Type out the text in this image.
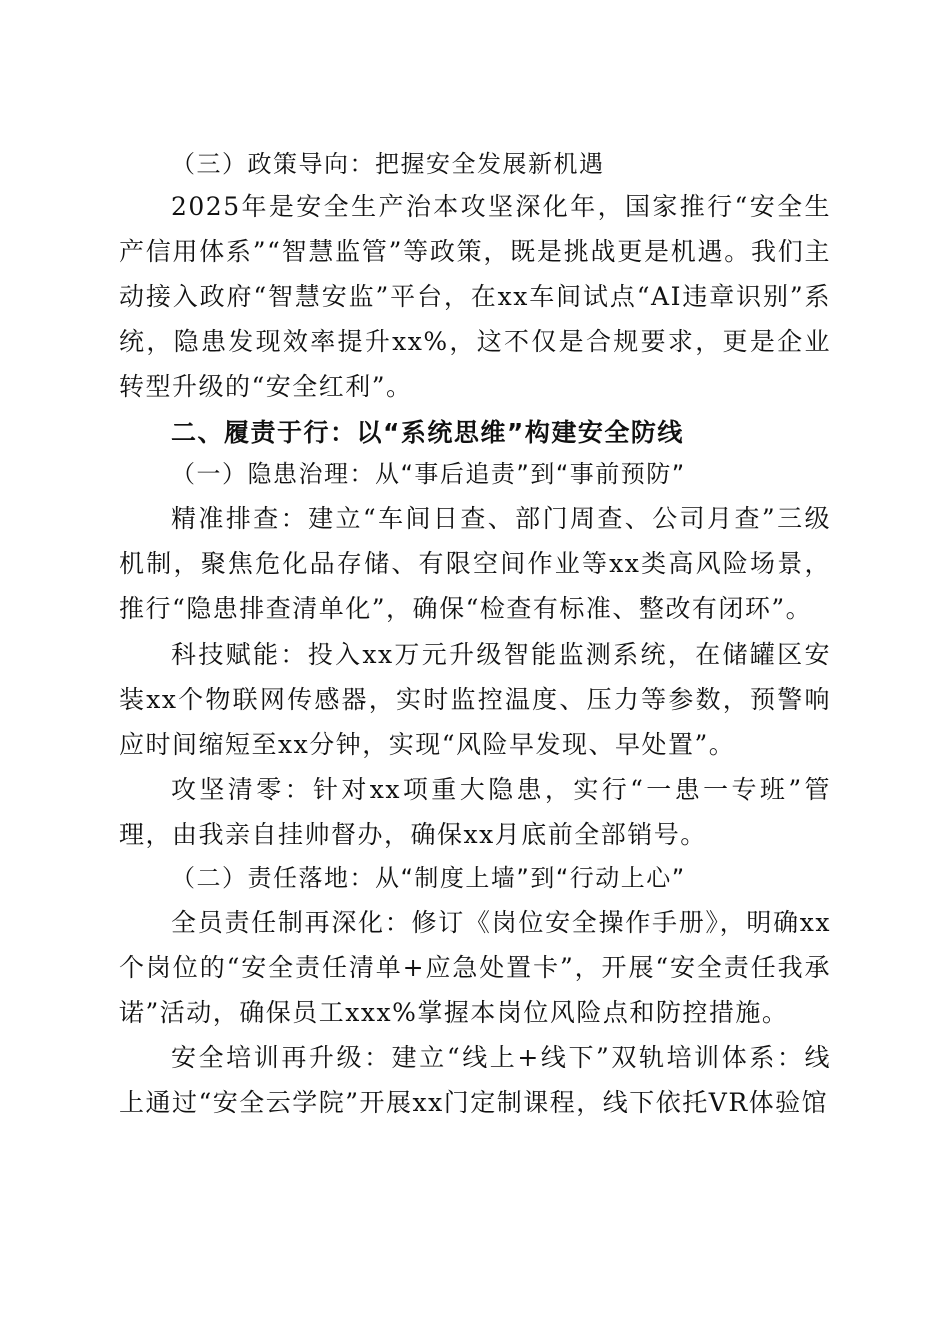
（三）政策导向：把握安全发展新机遇

2025年是安全生产治本攻坚深化年，国家推行“安全生产信用体系”“智慧监管”等政策，既是挑战更是机遇。我们主动接入政府“智慧安监”平台，在xx车间试点“AI违章识别”系统，隐患发现效率提升xx%，这不仅是合规要求，更是企业转型升级的“安全红利”。

二、履责于行：以“系统思维”构建安全防线

（一）隐患治理：从“事后追责”到“事前预防”

精准排查：建立“车间日查、部门周查、公司月查”三级机制，聚焦危化品存储、有限空间作业等xx类高风险场景，推行“隐患排查清单化”，确保“检查有标准、整改有闭环”。

科技赋能：投入xx万元升级智能监测系统，在储罐区安装xx个物联网传感器，实时监控温度、压力等参数，预警响应时间缩短至xx分钟，实现“风险早发现、早处置”。

攻坚清零：针对xx项重大隐患，实行“一患一专班”管理，由我亲自挂帅督办，确保xx月底前全部销号。

（二）责任落地：从“制度上墙”到“行动上心”

全员责任制再深化：修订《岗位安全操作手册》，明确xx个岗位的“安全责任清单+应急处置卡”，开展“安全责任我承诺”活动，确保员工xxx%掌握本岗位风险点和防控措施。

安全培训再升级：建立“线上+线下”双轨培训体系：线上通过“安全云学院”开展xx门定制课程，线下依托VR体验馆
